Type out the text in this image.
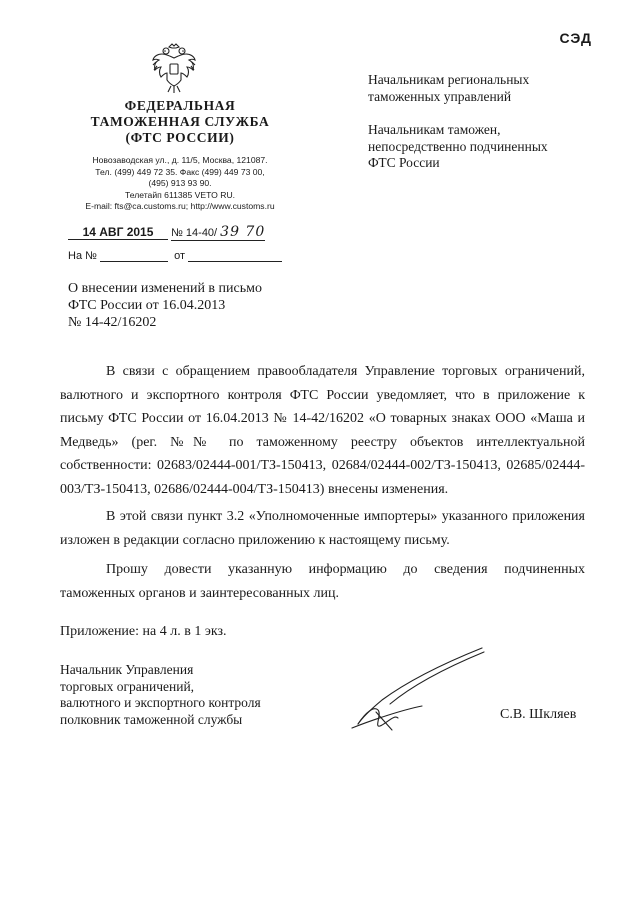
СЭД
ФЕДЕРАЛЬНАЯ
ТАМОЖЕННАЯ СЛУЖБА
(ФТС РОССИИ)
Новозаводская ул., д. 11/5, Москва, 121087.
Тел. (499) 449 72 35. Факс (499) 449 73 00,
(495) 913 93 90.
Телетайп 611385 VETO RU.
E-mail: fts@ca.customs.ru; http://www.customs.ru
14 АВГ 2015 № 14-40/ 39 70
На №	от
О внесении изменений в письмо
ФТС России от 16.04.2013
№ 14-42/16202
Начальникам региональных
таможенных управлений
Начальникам таможен,
непосредственно подчиненных
ФТС России

В связи с обращением правообладателя Управление торговых ограничений, валютного и экспортного контроля ФТС России уведомляет, что в приложение к письму ФТС России от 16.04.2013 № 14-42/16202 «О товарных знаках ООО «Маша и Медведь» (рег. №№ по таможенному реестру объектов интеллектуальной собственности: 02683/02444-001/ТЗ-150413, 02684/02444-002/ТЗ-150413, 02685/02444-003/ТЗ-150413, 02686/02444-004/ТЗ-150413) внесены изменения.

В этой связи пункт 3.2 «Уполномоченные импортеры» указанного приложения изложен в редакции согласно приложению к настоящему письму.

Прошу довести указанную информацию до сведения подчиненных таможенных органов и заинтересованных лиц.

Приложение: на 4 л. в 1 экз.
Начальник Управления
торговых ограничений,
валютного и экспортного контроля
полковник таможенной службы	С.В. Шкляев
